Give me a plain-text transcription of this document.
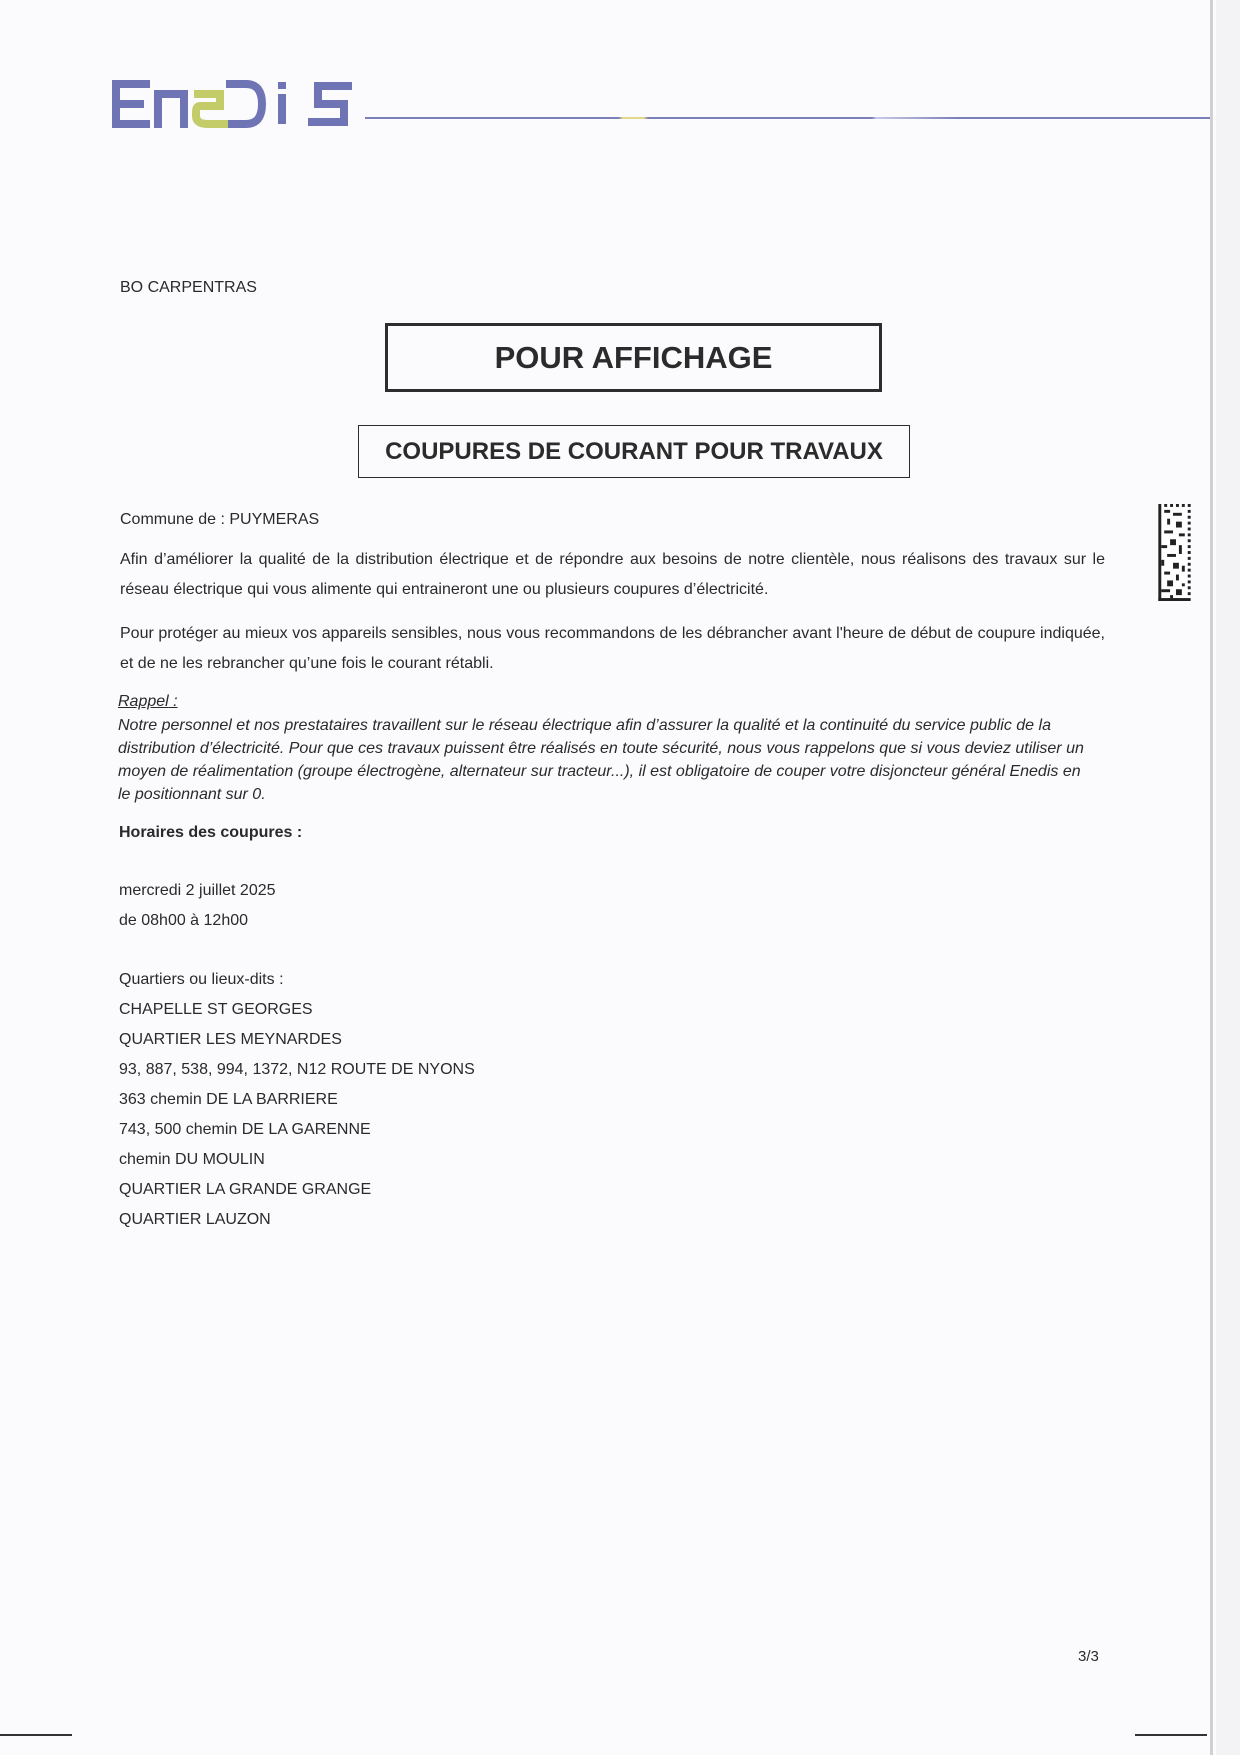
BO CARPENTRAS
POUR AFFICHAGE
COUPURES DE COURANT POUR TRAVAUX
Commune de : PUYMERAS
Afin d’améliorer la qualité de la distribution électrique et de répondre aux besoins de notre clientèle, nous réalisons des travaux sur le réseau électrique qui vous alimente qui entraineront une ou plusieurs coupures d’électricité.
Pour protéger au mieux vos appareils sensibles, nous vous recommandons de les débrancher avant l'heure de début de coupure indiquée, et de ne les rebrancher qu’une fois le courant rétabli.
Rappel :
Notre personnel et nos prestataires travaillent sur le réseau électrique afin d’assurer la qualité et la continuité du service public de la distribution d’électricité. Pour que ces travaux puissent être réalisés en toute sécurité, nous vous rappelons que si vous deviez utiliser un moyen de réalimentation (groupe électrogène, alternateur sur tracteur...), il est obligatoire de couper votre disjoncteur général Enedis en le positionnant sur 0.
Horaires des coupures :
mercredi 2 juillet 2025
de 08h00 à 12h00
Quartiers ou lieux-dits :
CHAPELLE ST GEORGES
QUARTIER LES MEYNARDES
93, 887, 538, 994, 1372, N12 ROUTE DE NYONS
363 chemin DE LA BARRIERE
743, 500 chemin DE LA GARENNE
chemin DU MOULIN
QUARTIER LA GRANDE GRANGE
QUARTIER LAUZON
3/3
